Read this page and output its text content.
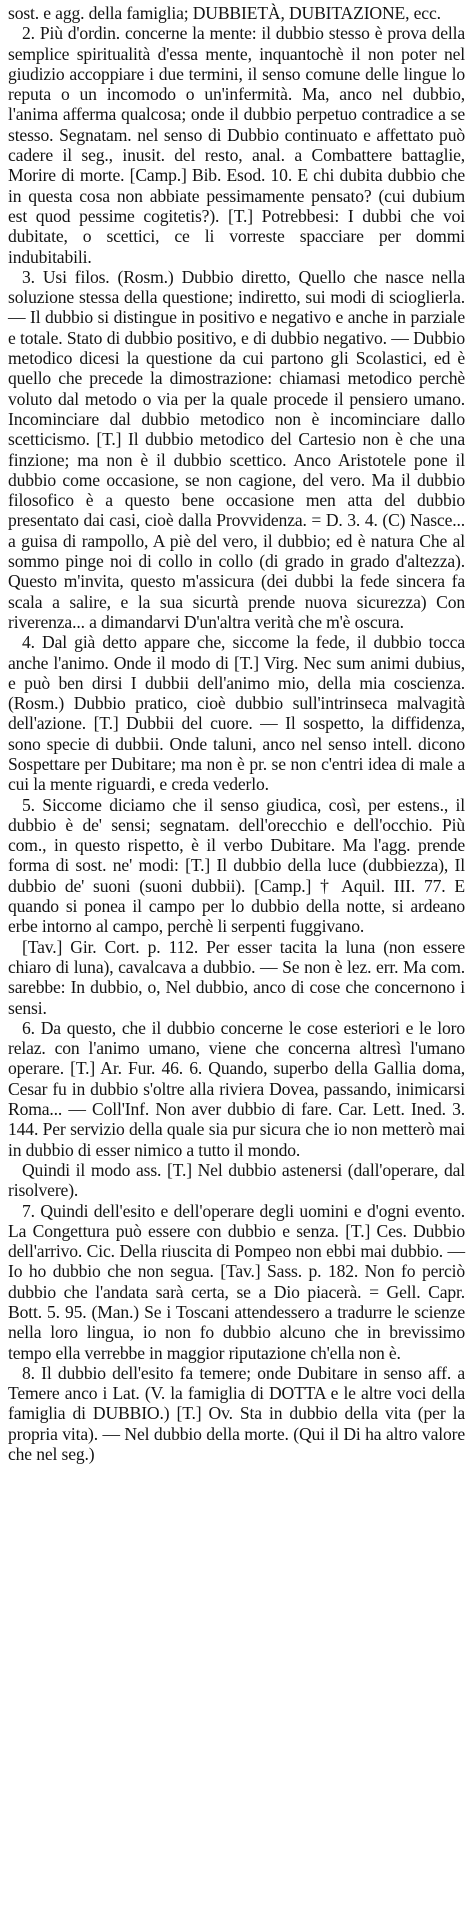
sost. e agg. della famiglia; DUBBIETÀ, DUBITAZIONE, ecc.

2. Più d'ordin. concerne la mente: il dubbio stesso è prova della semplice spiritualità d'essa mente, inquantochè il non poter nel giudizio accoppiare i due termini, il senso comune delle lingue lo reputa o un incomodo o un'infermità. Ma, anco nel dubbio, l'anima afferma qualcosa; onde il dubbio perpetuo contradice a se stesso. Segnatam. nel senso di Dubbio continuato e affettato può cadere il seg., inusit. del resto, anal. a Combattere battaglie, Morire di morte. [Camp.] Bib. Esod. 10. E chi dubita dubbio che in questa cosa non abbiate pessimamente pensato? (cui dubium est quod pessime cogitetis?). [T.] Potrebbesi: I dubbi che voi dubitate, o scettici, ce li vorreste spacciare per dommi indubitabili.

3. Usi filos. (Rosm.) Dubbio diretto, Quello che nasce nella soluzione stessa della questione; indiretto, sui modi di scioglierla. — Il dubbio si distingue in positivo e negativo e anche in parziale e totale. Stato di dubbio positivo, e di dubbio negativo. — Dubbio metodico dicesi la questione da cui partono gli Scolastici, ed è quello che precede la dimostrazione: chiamasi metodico perchè voluto dal metodo o via per la quale procede il pensiero umano. Incominciare dal dubbio metodico non è incominciare dallo scetticismo. [T.] Il dubbio metodico del Cartesio non è che una finzione; ma non è il dubbio scettico. Anco Aristotele pone il dubbio come occasione, se non cagione, del vero. Ma il dubbio filosofico è a questo bene occasione men atta del dubbio presentato dai casi, cioè dalla Provvidenza. = D. 3. 4. (C) Nasce... a guisa di rampollo, A piè del vero, il dubbio; ed è natura Che al sommo pinge noi di collo in collo (di grado in grado d'altezza). Questo m'invita, questo m'assicura (dei dubbi la fede sincera fa scala a salire, e la sua sicurtà prende nuova sicurezza) Con riverenza... a dimandarvi D'un'altra verità che m'è oscura.

4. Dal già detto appare che, siccome la fede, il dubbio tocca anche l'animo. Onde il modo di [T.] Virg. Nec sum animi dubius, e può ben dirsi I dubbii dell'animo mio, della mia coscienza. (Rosm.) Dubbio pratico, cioè dubbio sull'intrinseca malvagità dell'azione. [T.] Dubbii del cuore. — Il sospetto, la diffidenza, sono specie di dubbii. Onde taluni, anco nel senso intell. dicono Sospettare per Dubitare; ma non è pr. se non c'entri idea di male a cui la mente riguardi, e creda vederlo.

5. Siccome diciamo che il senso giudica, così, per estens., il dubbio è de' sensi; segnatam. dell'orecchio e dell'occhio. Più com., in questo rispetto, è il verbo Dubitare. Ma l'agg. prende forma di sost. ne' modi: [T.] Il dubbio della luce (dubbiezza), Il dubbio de' suoni (suoni dubbii). [Camp.] † Aquil. III. 77. E quando si ponea il campo per lo dubbio della notte, si ardeano erbe intorno al campo, perchè li serpenti fuggivano.

[Tav.] Gir. Cort. p. 112. Per esser tacita la luna (non essere chiaro di luna), cavalcava a dubbio. — Se non è lez. err. Ma com. sarebbe: In dubbio, o, Nel dubbio, anco di cose che concernono i sensi.

6. Da questo, che il dubbio concerne le cose esteriori e le loro relaz. con l'animo umano, viene che concerna altresì l'umano operare. [T.] Ar. Fur. 46. 6. Quando, superbo della Gallia doma, Cesar fu in dubbio s'oltre alla riviera Dovea, passando, inimicarsi Roma... — Coll'Inf. Non aver dubbio di fare. Car. Lett. Ined. 3. 144. Per servizio della quale sia pur sicura che io non metterò mai in dubbio di esser nimico a tutto il mondo.

Quindi il modo ass. [T.] Nel dubbio astenersi (dall'operare, dal risolvere).

7. Quindi dell'esito e dell'operare degli uomini e d'ogni evento. La Congettura può essere con dubbio e senza. [T.] Ces. Dubbio dell'arrivo. Cic. Della riuscita di Pompeo non ebbi mai dubbio. — Io ho dubbio che non segua. [Tav.] Sass. p. 182. Non fo perciò dubbio che l'andata sarà certa, se a Dio piacerà. = Gell. Capr. Bott. 5. 95. (Man.) Se i Toscani attendessero a tradurre le scienze nella loro lingua, io non fo dubbio alcuno che in brevissimo tempo ella verrebbe in maggior riputazione ch'ella non è.

8. Il dubbio dell'esito fa temere; onde Dubitare in senso aff. a Temere anco i Lat. (V. la famiglia di DOTTA e le altre voci della famiglia di DUBBIO.) [T.] Ov. Sta in dubbio della vita (per la propria vita). — Nel dubbio della morte. (Qui il Di ha altro valore che nel seg.)
